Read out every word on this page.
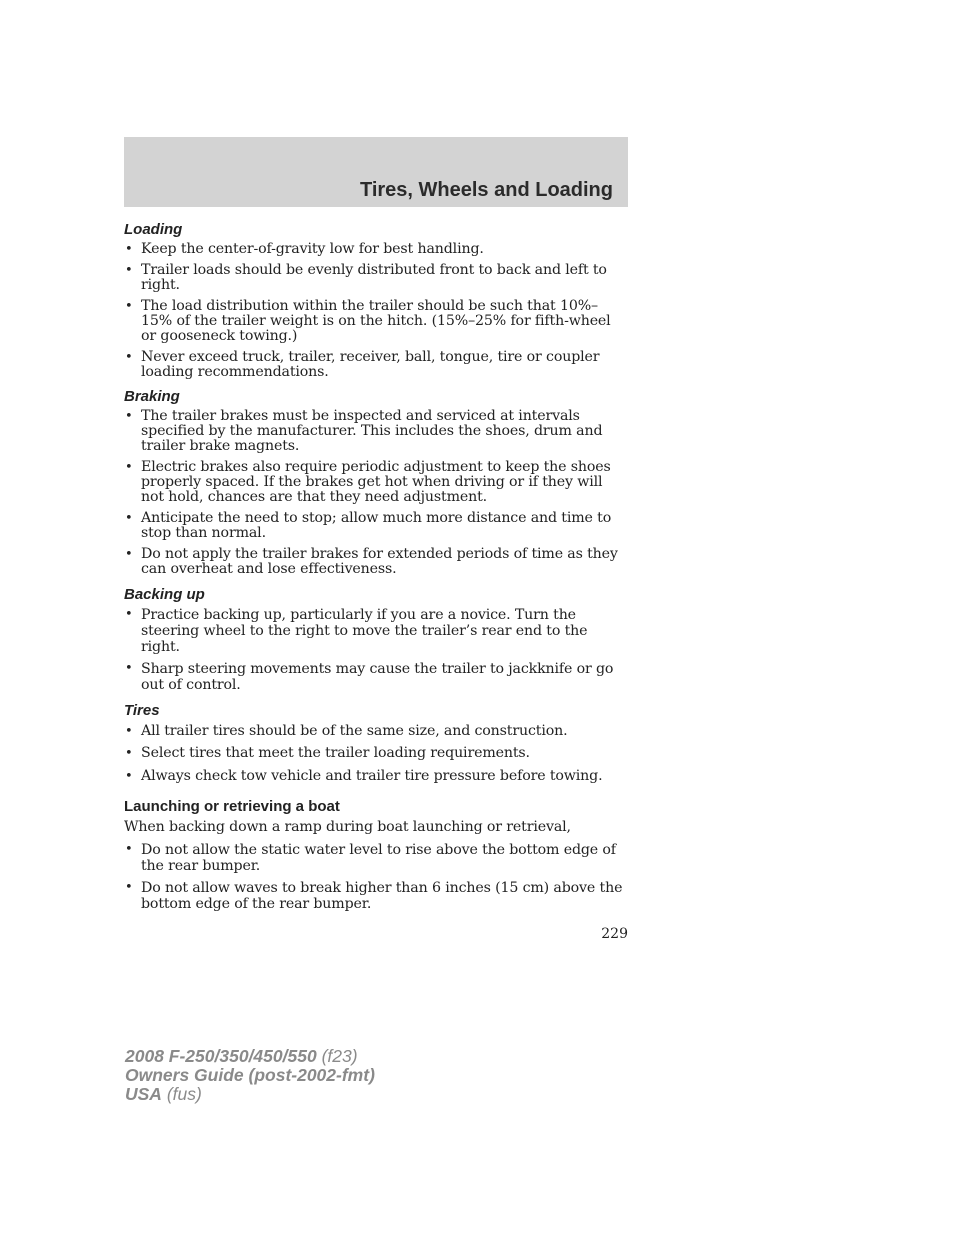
Tires, Wheels and Loading
Loading
• Keep the center-of-gravity low for best handling.
• Trailer loads should be evenly distributed front to back and left to right.
• The load distribution within the trailer should be such that 10%–15% of the trailer weight is on the hitch. (15%–25% for fifth-wheel or gooseneck towing.)
• Never exceed truck, trailer, receiver, ball, tongue, tire or coupler loading recommendations.
Braking
• The trailer brakes must be inspected and serviced at intervals specified by the manufacturer. This includes the shoes, drum and trailer brake magnets.
• Electric brakes also require periodic adjustment to keep the shoes properly spaced. If the brakes get hot when driving or if they will not hold, chances are that they need adjustment.
• Anticipate the need to stop; allow much more distance and time to stop than normal.
• Do not apply the trailer brakes for extended periods of time as they can overheat and lose effectiveness.
Backing up
• Practice backing up, particularly if you are a novice. Turn the steering wheel to the right to move the trailer’s rear end to the right.
• Sharp steering movements may cause the trailer to jackknife or go out of control.
Tires
• All trailer tires should be of the same size, and construction.
• Select tires that meet the trailer loading requirements.
• Always check tow vehicle and trailer tire pressure before towing.
Launching or retrieving a boat

When backing down a ramp during boat launching or retrieval,

• Do not allow the static water level to rise above the bottom edge of the rear bumper.
• Do not allow waves to break higher than 6 inches (15 cm) above the bottom edge of the rear bumper.
229
2008 F-250/350/450/550 (f23)
Owners Guide (post-2002-fmt)
USA (fus)
